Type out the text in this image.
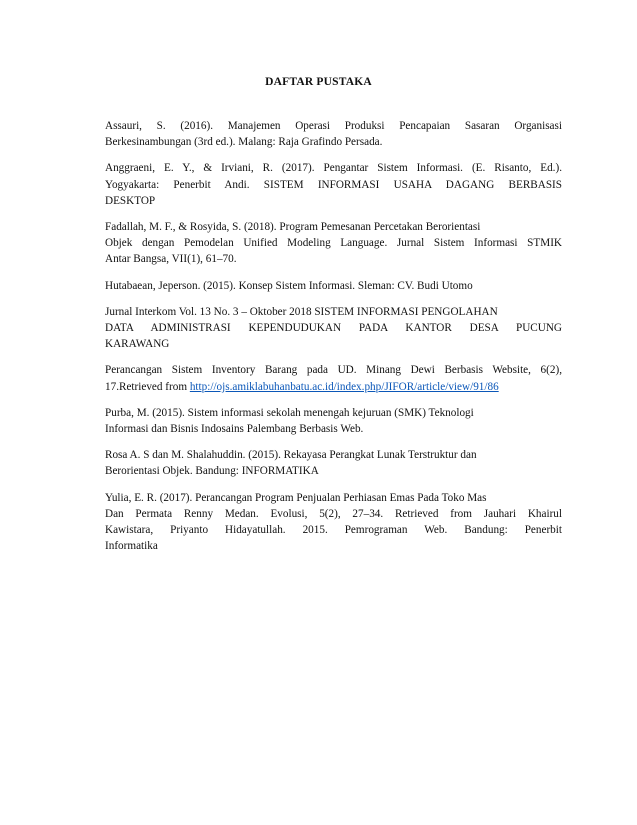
DAFTAR PUSTAKA
Assauri, S. (2016). Manajemen Operasi Produksi Pencapaian Sasaran Organisasi
Berkesinambungan (3rd ed.). Malang: Raja Grafindo Persada.
Anggraeni, E. Y., & Irviani, R. (2017). Pengantar Sistem Informasi. (E. Risanto, Ed.).
Yogyakarta: Penerbit Andi. SISTEM INFORMASI USAHA DAGANG BERBASIS
DESKTOP
Fadallah, M. F., & Rosyida, S. (2018). Program Pemesanan Percetakan Berorientasi
Objek dengan Pemodelan Unified Modeling Language. Jurnal Sistem Informasi STMIK
Antar Bangsa, VII(1), 61–70.
Hutabaean, Jeperson. (2015). Konsep Sistem Informasi. Sleman: CV. Budi Utomo
Jurnal Interkom Vol. 13 No. 3 – Oktober 2018 SISTEM INFORMASI PENGOLAHAN
DATA ADMINISTRASI KEPENDUDUKAN PADA KANTOR DESA PUCUNG
KARAWANG
Perancangan Sistem Inventory Barang pada UD. Minang Dewi Berbasis Website, 6(2),
17.Retrieved from http://ojs.amiklabuhanbatu.ac.id/index.php/JIFOR/article/view/91/86
Purba, M. (2015). Sistem informasi sekolah menengah kejuruan (SMK) Teknologi
Informasi dan Bisnis Indosains Palembang Berbasis Web.
Rosa A. S dan M. Shalahuddin. (2015). Rekayasa Perangkat Lunak Terstruktur dan
Berorientasi Objek. Bandung: INFORMATIKA
Yulia, E. R. (2017). Perancangan Program Penjualan Perhiasan Emas Pada Toko Mas
Dan Permata Renny Medan. Evolusi, 5(2), 27–34. Retrieved from Jauhari Khairul
Kawistara, Priyanto Hidayatullah. 2015. Pemrograman Web. Bandung: Penerbit
Informatika
